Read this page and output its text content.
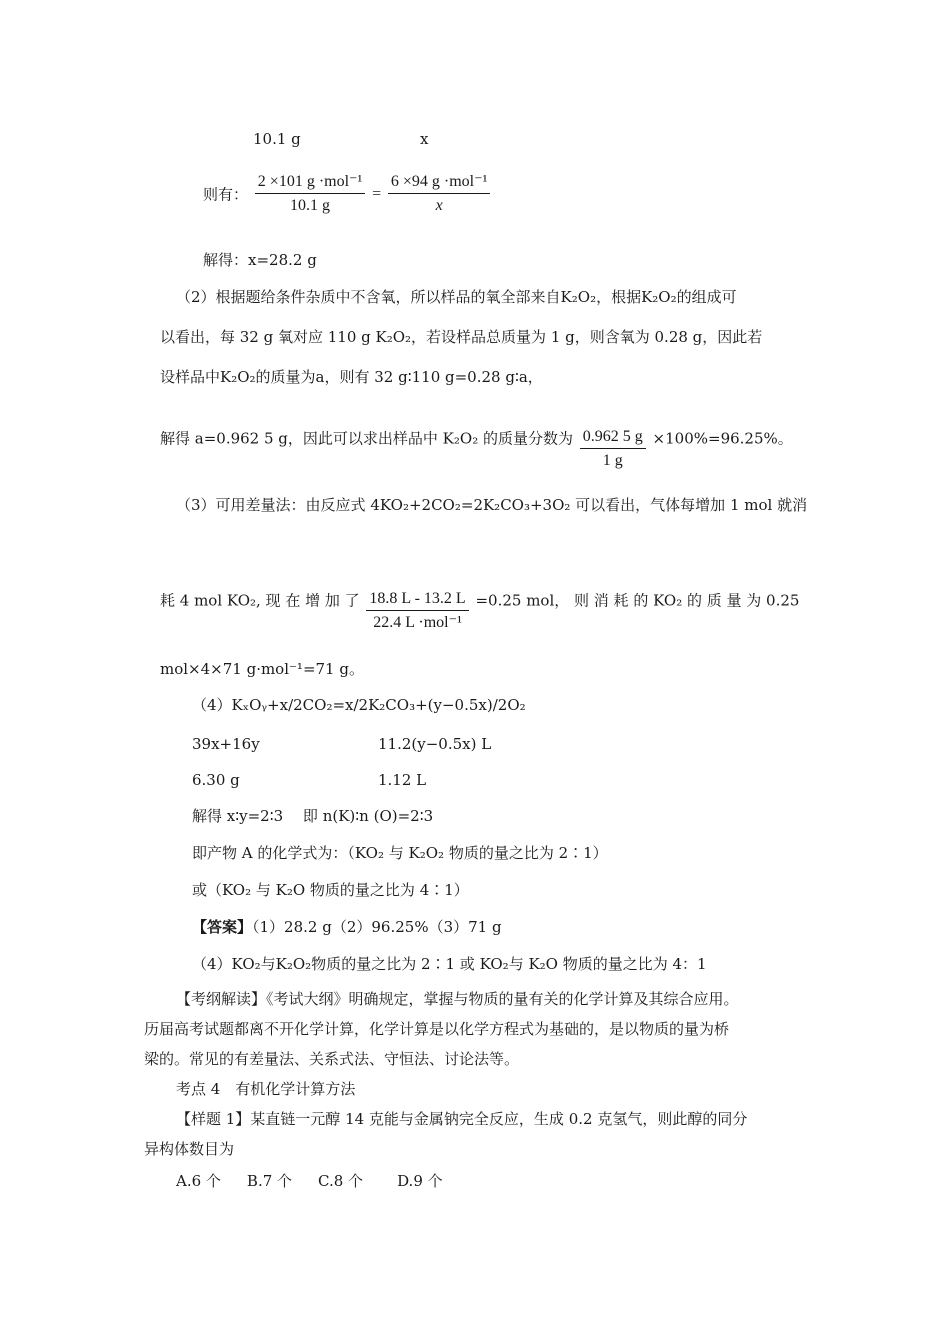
10.1 g	x
则有： $\frac{\text{2 ×101 g ·mol⁻¹}}{10.1 g} = \frac{\text{6 ×94 g ·mol⁻¹}}{x}$
解得：x=28.2 g
（2）根据题给条件杂质中不含氧，所以样品的氧全部来自K₂O₂，根据K₂O₂的组成可
以看出，每 32 g 氧对应 110 g K₂O₂，若设样品总质量为 1 g，则含氧为 0.28 g，因此若
设样品中K₂O₂的质量为a，则有 32 g∶110 g=0.28 g∶a，
解得 a=0.962 5 g，因此可以求出样品中 K₂O₂ 的质量分数为 $\frac{0.962 5 g}{1 g} \times 100\%=96.25\%$。
（3）可用差量法：由反应式 4KO₂+2CO₂=2K₂CO₃+3O₂ 可以看出，气体每增加 1 mol 就消
耗 4 mol KO₂, 现 在 增 加 了 $\frac{18.8 L - 13.2 L}{\text{22.4 L ·mol⁻¹}} =0.25$ mol， 则 消 耗 的 KO₂ 的 质 量 为 0.25
mol×4×71 g·mol⁻¹=71 g。
（4）KₓOᵧ+x/2CO₂=x/2K₂CO₃+(y−0.5x)/2O₂
39x+16y	11.2(y−0.5x) L
6.30 g	1.12 L
解得 x∶y=2∶3　 即 n(K)∶n (O)=2∶3
即产物 A 的化学式为：（KO₂ 与 K₂O₂ 物质的量之比为 2∶1）
或（KO₂ 与 K₂O 物质的量之比为 4∶1）
【答案】（1）28.2 g（2）96.25%（3）71 g
（4）KO₂与K₂O₂物质的量之比为 2∶1 或 KO₂与 K₂O 物质的量之比为 4：1
【考纲解读】《考试大纲》明确规定，掌握与物质的量有关的化学计算及其综合应用。
历届高考试题都离不开化学计算，化学计算是以化学方程式为基础的，是以物质的量为桥
梁的。常见的有差量法、关系式法、守恒法、讨论法等。
考点 4　有机化学计算方法
【样题 1】某直链一元醇 14 克能与金属钠完全反应，生成 0.2 克氢气，则此醇的同分
异构体数目为
A.6 个 B.7 个 C.8 个 D.9 个
